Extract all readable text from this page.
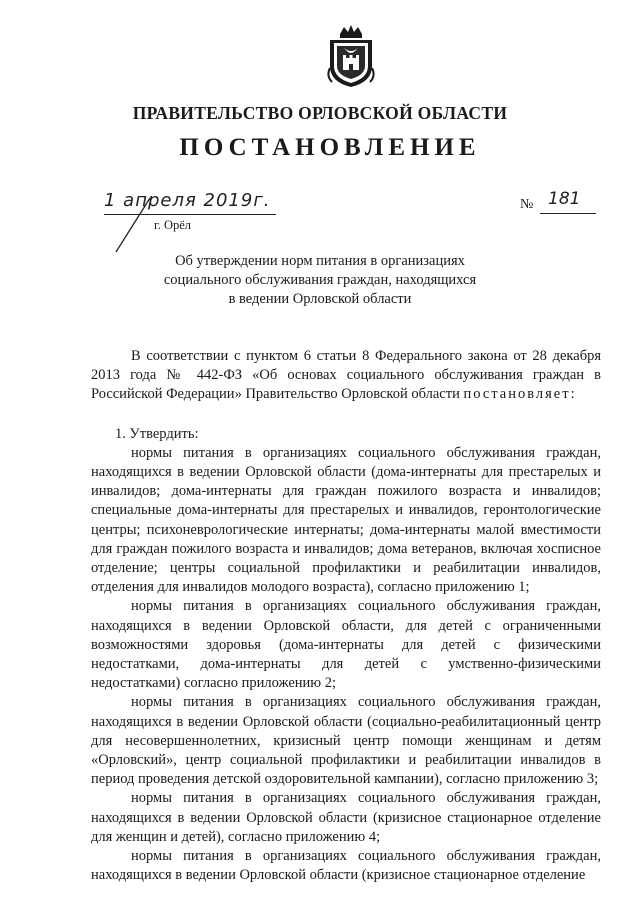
ПРАВИТЕЛЬСТВО ОРЛОВСКОЙ ОБЛАСТИ
ПОСТАНОВЛЕНИЕ
1 апреля 2019г.
г. Орёл
№ 181
Об утверждении норм питания в организациях
социального обслуживания граждан, находящихся
в ведении Орловской области

В соответствии с пунктом 6 статьи 8 Федерального закона от 28 декабря 2013 года № 442-ФЗ «Об основах социального обслуживания граждан в Российской Федерации» Правительство Орловской области постановляет:

1. Утвердить:

нормы питания в организациях социального обслуживания граждан, находящихся в ведении Орловской области (дома-интернаты для престарелых и инвалидов; дома-интернаты для граждан пожилого возраста и инвалидов; специальные дома-интернаты для престарелых и инвалидов, геронтологические центры; психоневрологические интернаты; дома-интернаты малой вместимости для граждан пожилого возраста и инвалидов; дома ветеранов, включая хосписное отделение; центры социальной профилактики и реабилитации инвалидов, отделения для инвалидов молодого возраста), согласно приложению 1;

нормы питания в организациях социального обслуживания граждан, находящихся в ведении Орловской области, для детей с ограниченными возможностями здоровья (дома-интернаты для детей с физическими недостатками, дома-интернаты для детей с умственно-физическими недостатками) согласно приложению 2;

нормы питания в организациях социального обслуживания граждан, находящихся в ведении Орловской области (социально-реабилитационный центр для несовершеннолетних, кризисный центр помощи женщинам и детям «Орловский», центр социальной профилактики и реабилитации инвалидов в период проведения детской оздоровительной кампании), согласно приложению 3;

нормы питания в организациях социального обслуживания граждан, находящихся в ведении Орловской области (кризисное стационарное отделение для женщин и детей), согласно приложению 4;

нормы питания в организациях социального обслуживания граждан, находящихся в ведении Орловской области (кризисное стационарное отделение
